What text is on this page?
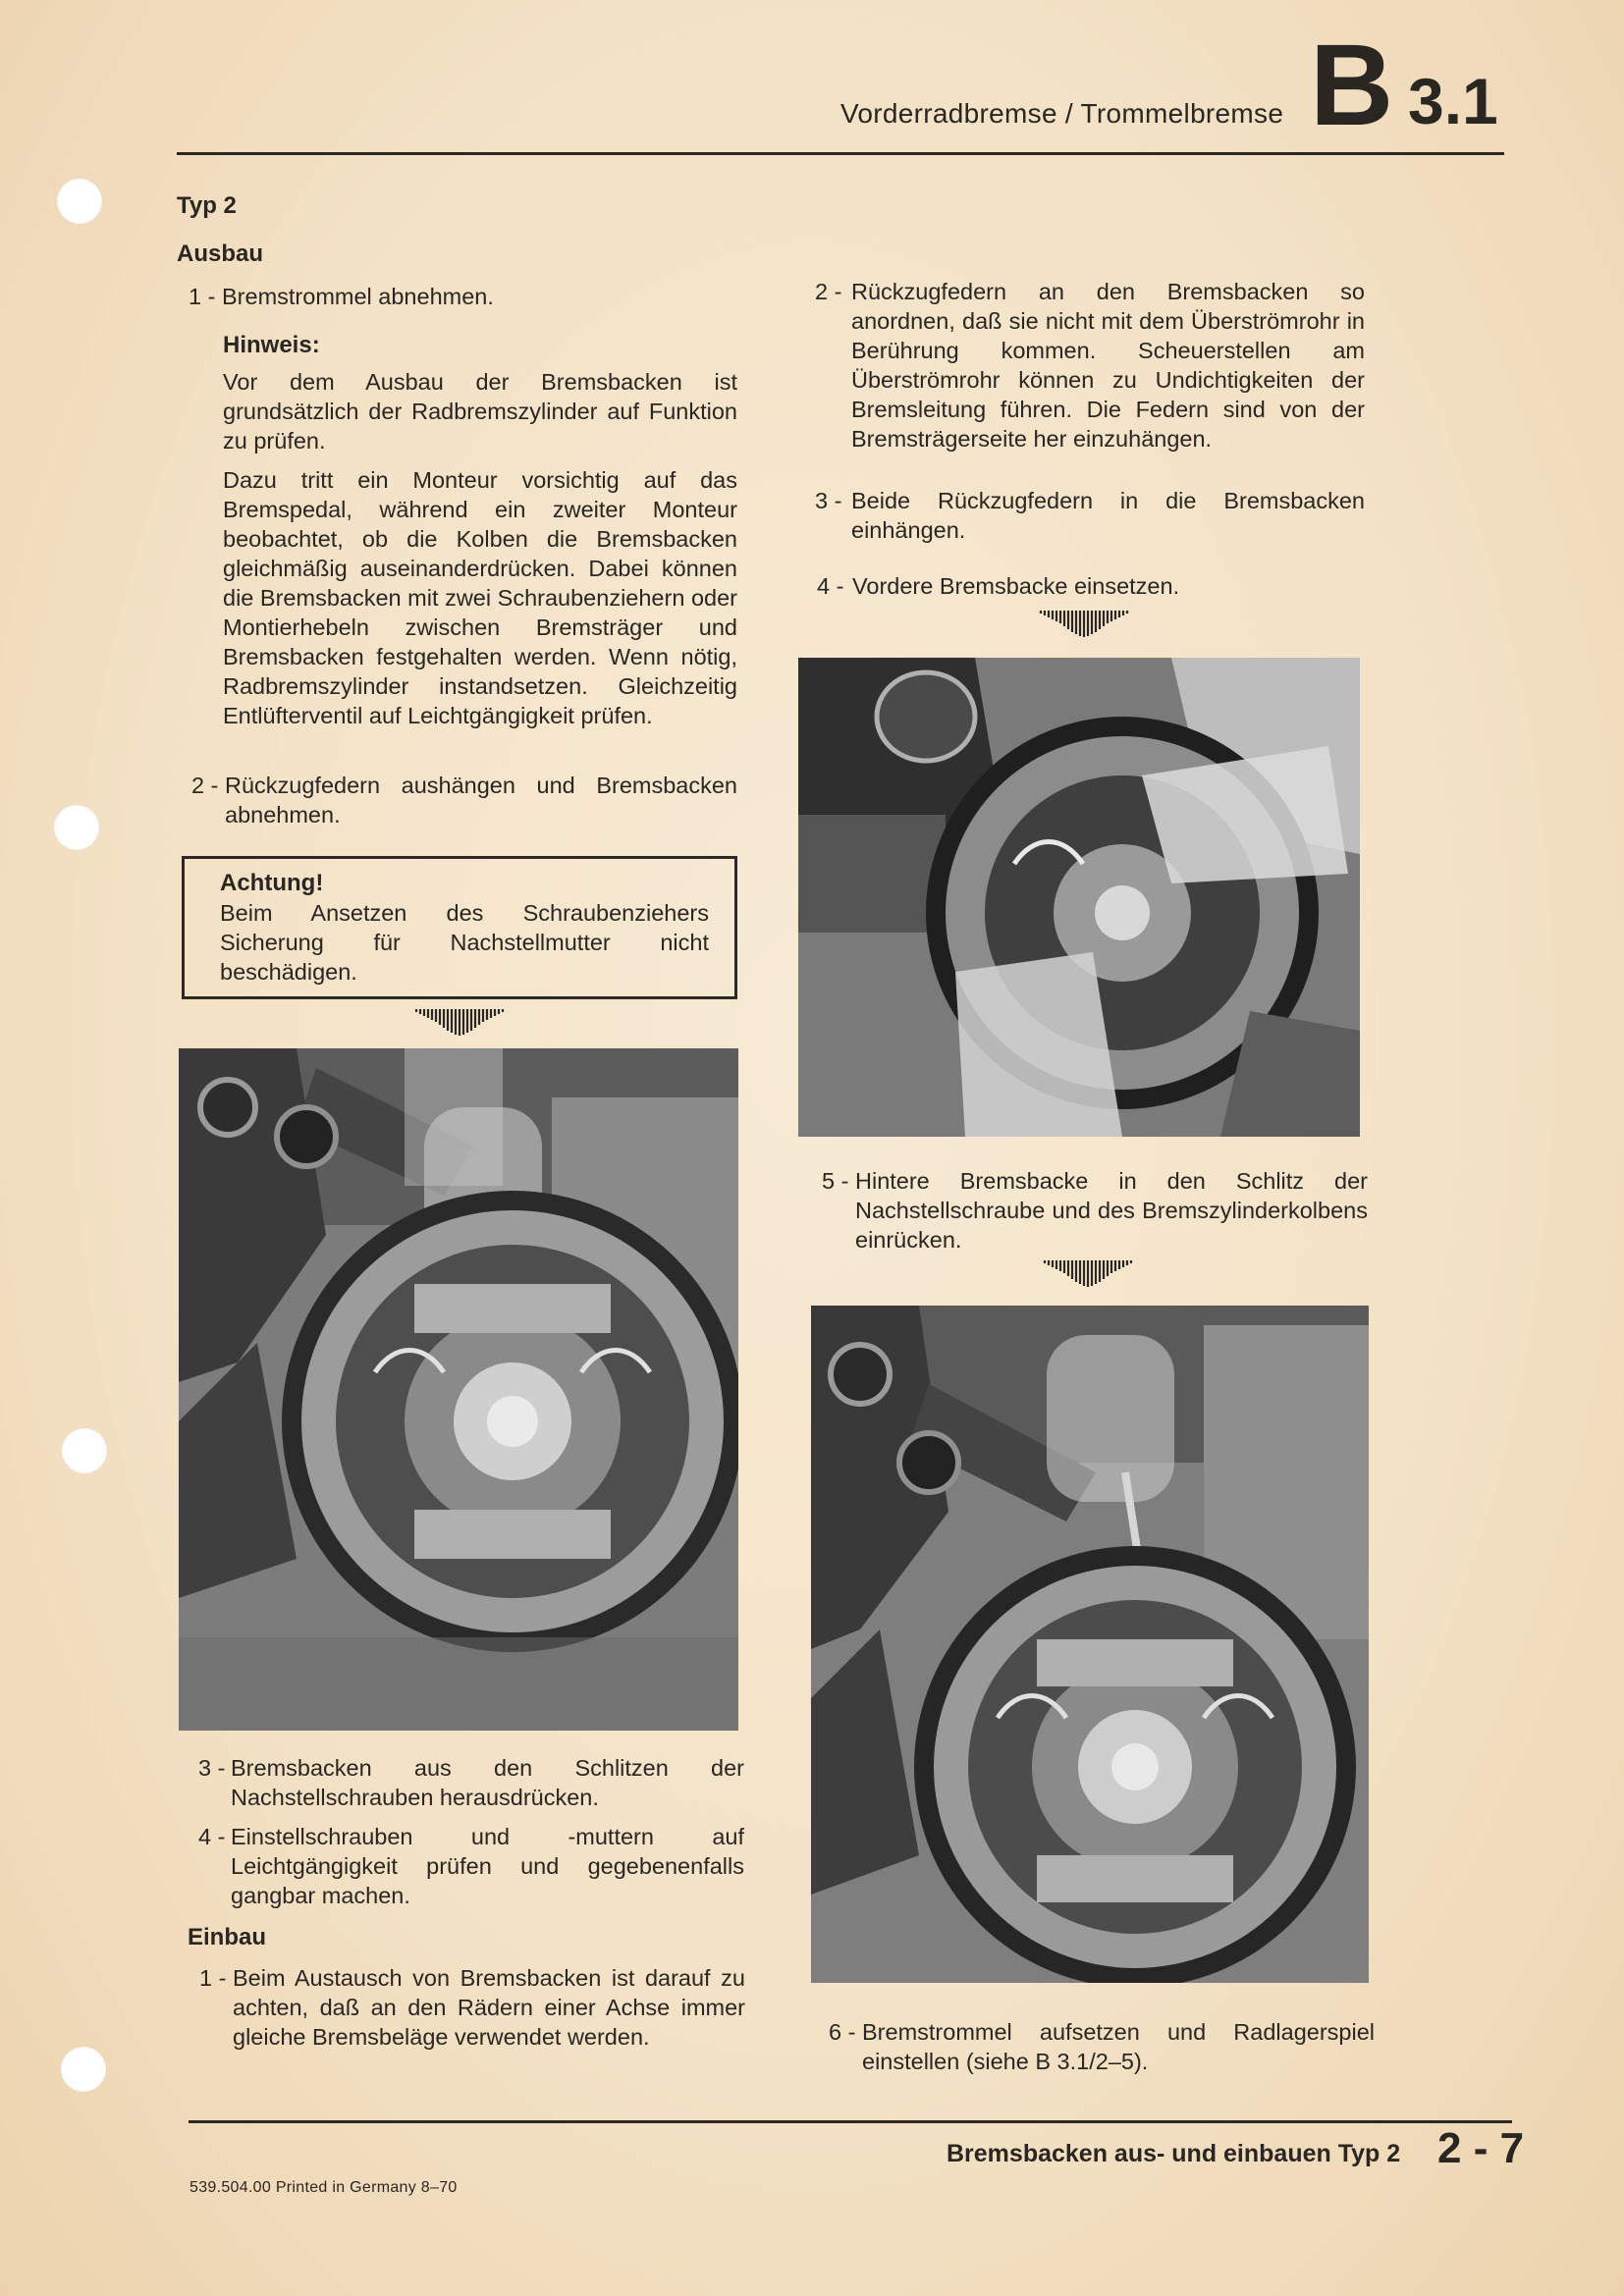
Vorderradbremse / Trommelbremse B 3.1
Typ 2
Ausbau
1 - Bremstrommel abnehmen.
Hinweis:
Vor dem Ausbau der Bremsbacken ist grundsätzlich der Radbremszylinder auf Funktion zu prüfen.
Dazu tritt ein Monteur vorsichtig auf das Bremspedal, während ein zweiter Monteur beobachtet, ob die Kolben die Bremsbacken gleichmäßig auseinanderdrücken. Dabei können die Bremsbacken mit zwei Schraubenziehern oder Montierhebeln zwischen Bremsträger und Bremsbacken festgehalten werden. Wenn nötig, Radbremszylinder instandsetzen. Gleichzeitig Entlüfterventil auf Leichtgängigkeit prüfen.
2 - Rückzugfedern aushängen und Bremsbacken abnehmen.
Achtung!
Beim Ansetzen des Schraubenziehers Sicherung für Nachstellmutter nicht beschädigen.
3 - Bremsbacken aus den Schlitzen der Nachstellschrauben herausdrücken.
4 - Einstellschrauben und -muttern auf Leichtgängigkeit prüfen und gegebenenfalls gangbar machen.
Einbau
1 - Beim Austausch von Bremsbacken ist darauf zu achten, daß an den Rädern einer Achse immer gleiche Bremsbeläge verwendet werden.
2 - Rückzugfedern an den Bremsbacken so anordnen, daß sie nicht mit dem Überströmrohr in Berührung kommen. Scheuerstellen am Überströmrohr können zu Undichtigkeiten der Bremsleitung führen. Die Federn sind von der Bremsträgerseite her einzuhängen.
3 - Beide Rückzugfedern in die Bremsbacken einhängen.
4 - Vordere Bremsbacke einsetzen.
5 - Hintere Bremsbacke in den Schlitz der Nachstellschraube und des Bremszylinderkolbens einrücken.
6 - Bremstrommel aufsetzen und Radlagerspiel einstellen (siehe B 3.1/2–5).
Bremsbacken aus- und einbauen Typ 2 2 - 7
539.504.00 Printed in Germany 8–70
